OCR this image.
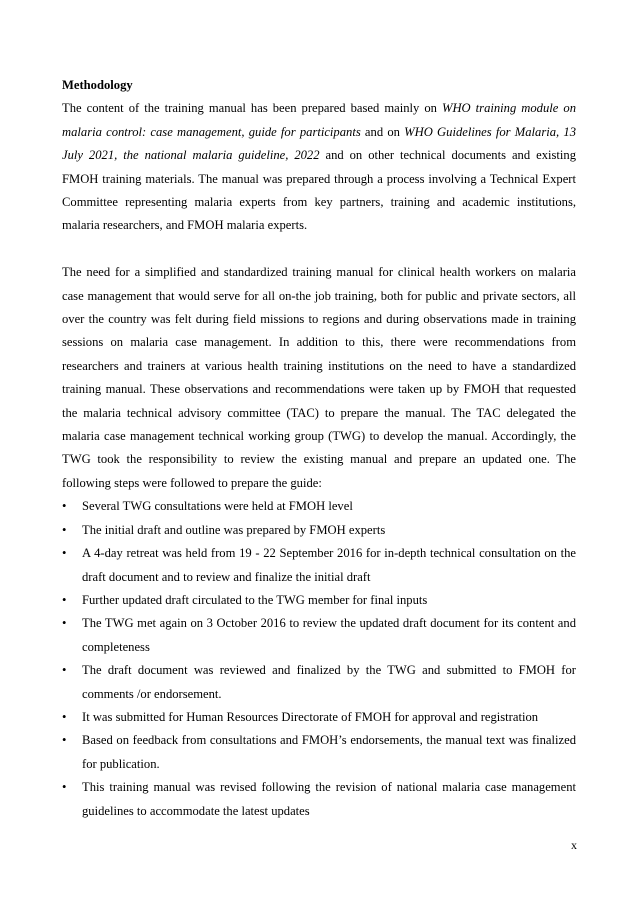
Methodology

The content of the training manual has been prepared based mainly on WHO training module on malaria control: case management, guide for participants and on WHO Guidelines for Malaria, 13 July 2021, the national malaria guideline, 2022 and on other technical documents and existing FMOH training materials. The manual was prepared through a process involving a Technical Expert Committee representing malaria experts from key partners, training and academic institutions, malaria researchers, and FMOH malaria experts.

The need for a simplified and standardized training manual for clinical health workers on malaria case management that would serve for all on-the job training, both for public and private sectors, all over the country was felt during field missions to regions and during observations made in training sessions on malaria case management. In addition to this, there were recommendations from researchers and trainers at various health training institutions on the need to have a standardized training manual. These observations and recommendations were taken up by FMOH that requested the malaria technical advisory committee (TAC) to prepare the manual. The TAC delegated the malaria case management technical working group (TWG) to develop the manual. Accordingly, the TWG took the responsibility to review the existing manual and prepare an updated one. The following steps were followed to prepare the guide:

•	Several TWG consultations were held at FMOH level
•	The initial draft and outline was prepared by FMOH experts
•	A 4-day retreat was held from 19 - 22 September 2016 for in-depth technical consultation on the draft document and to review and finalize the initial draft
•	Further updated draft circulated to the TWG member for final inputs
•	The TWG met again on 3 October 2016 to review the updated draft document for its content and completeness
•	The draft document was reviewed and finalized by the TWG and submitted to FMOH for comments /or endorsement.
•	It was submitted for Human Resources Directorate of FMOH for approval and registration
•	Based on feedback from consultations and FMOH’s endorsements, the manual text was finalized for publication.
•	This training manual was revised following the revision of national malaria case management guidelines to accommodate the latest updates
x
